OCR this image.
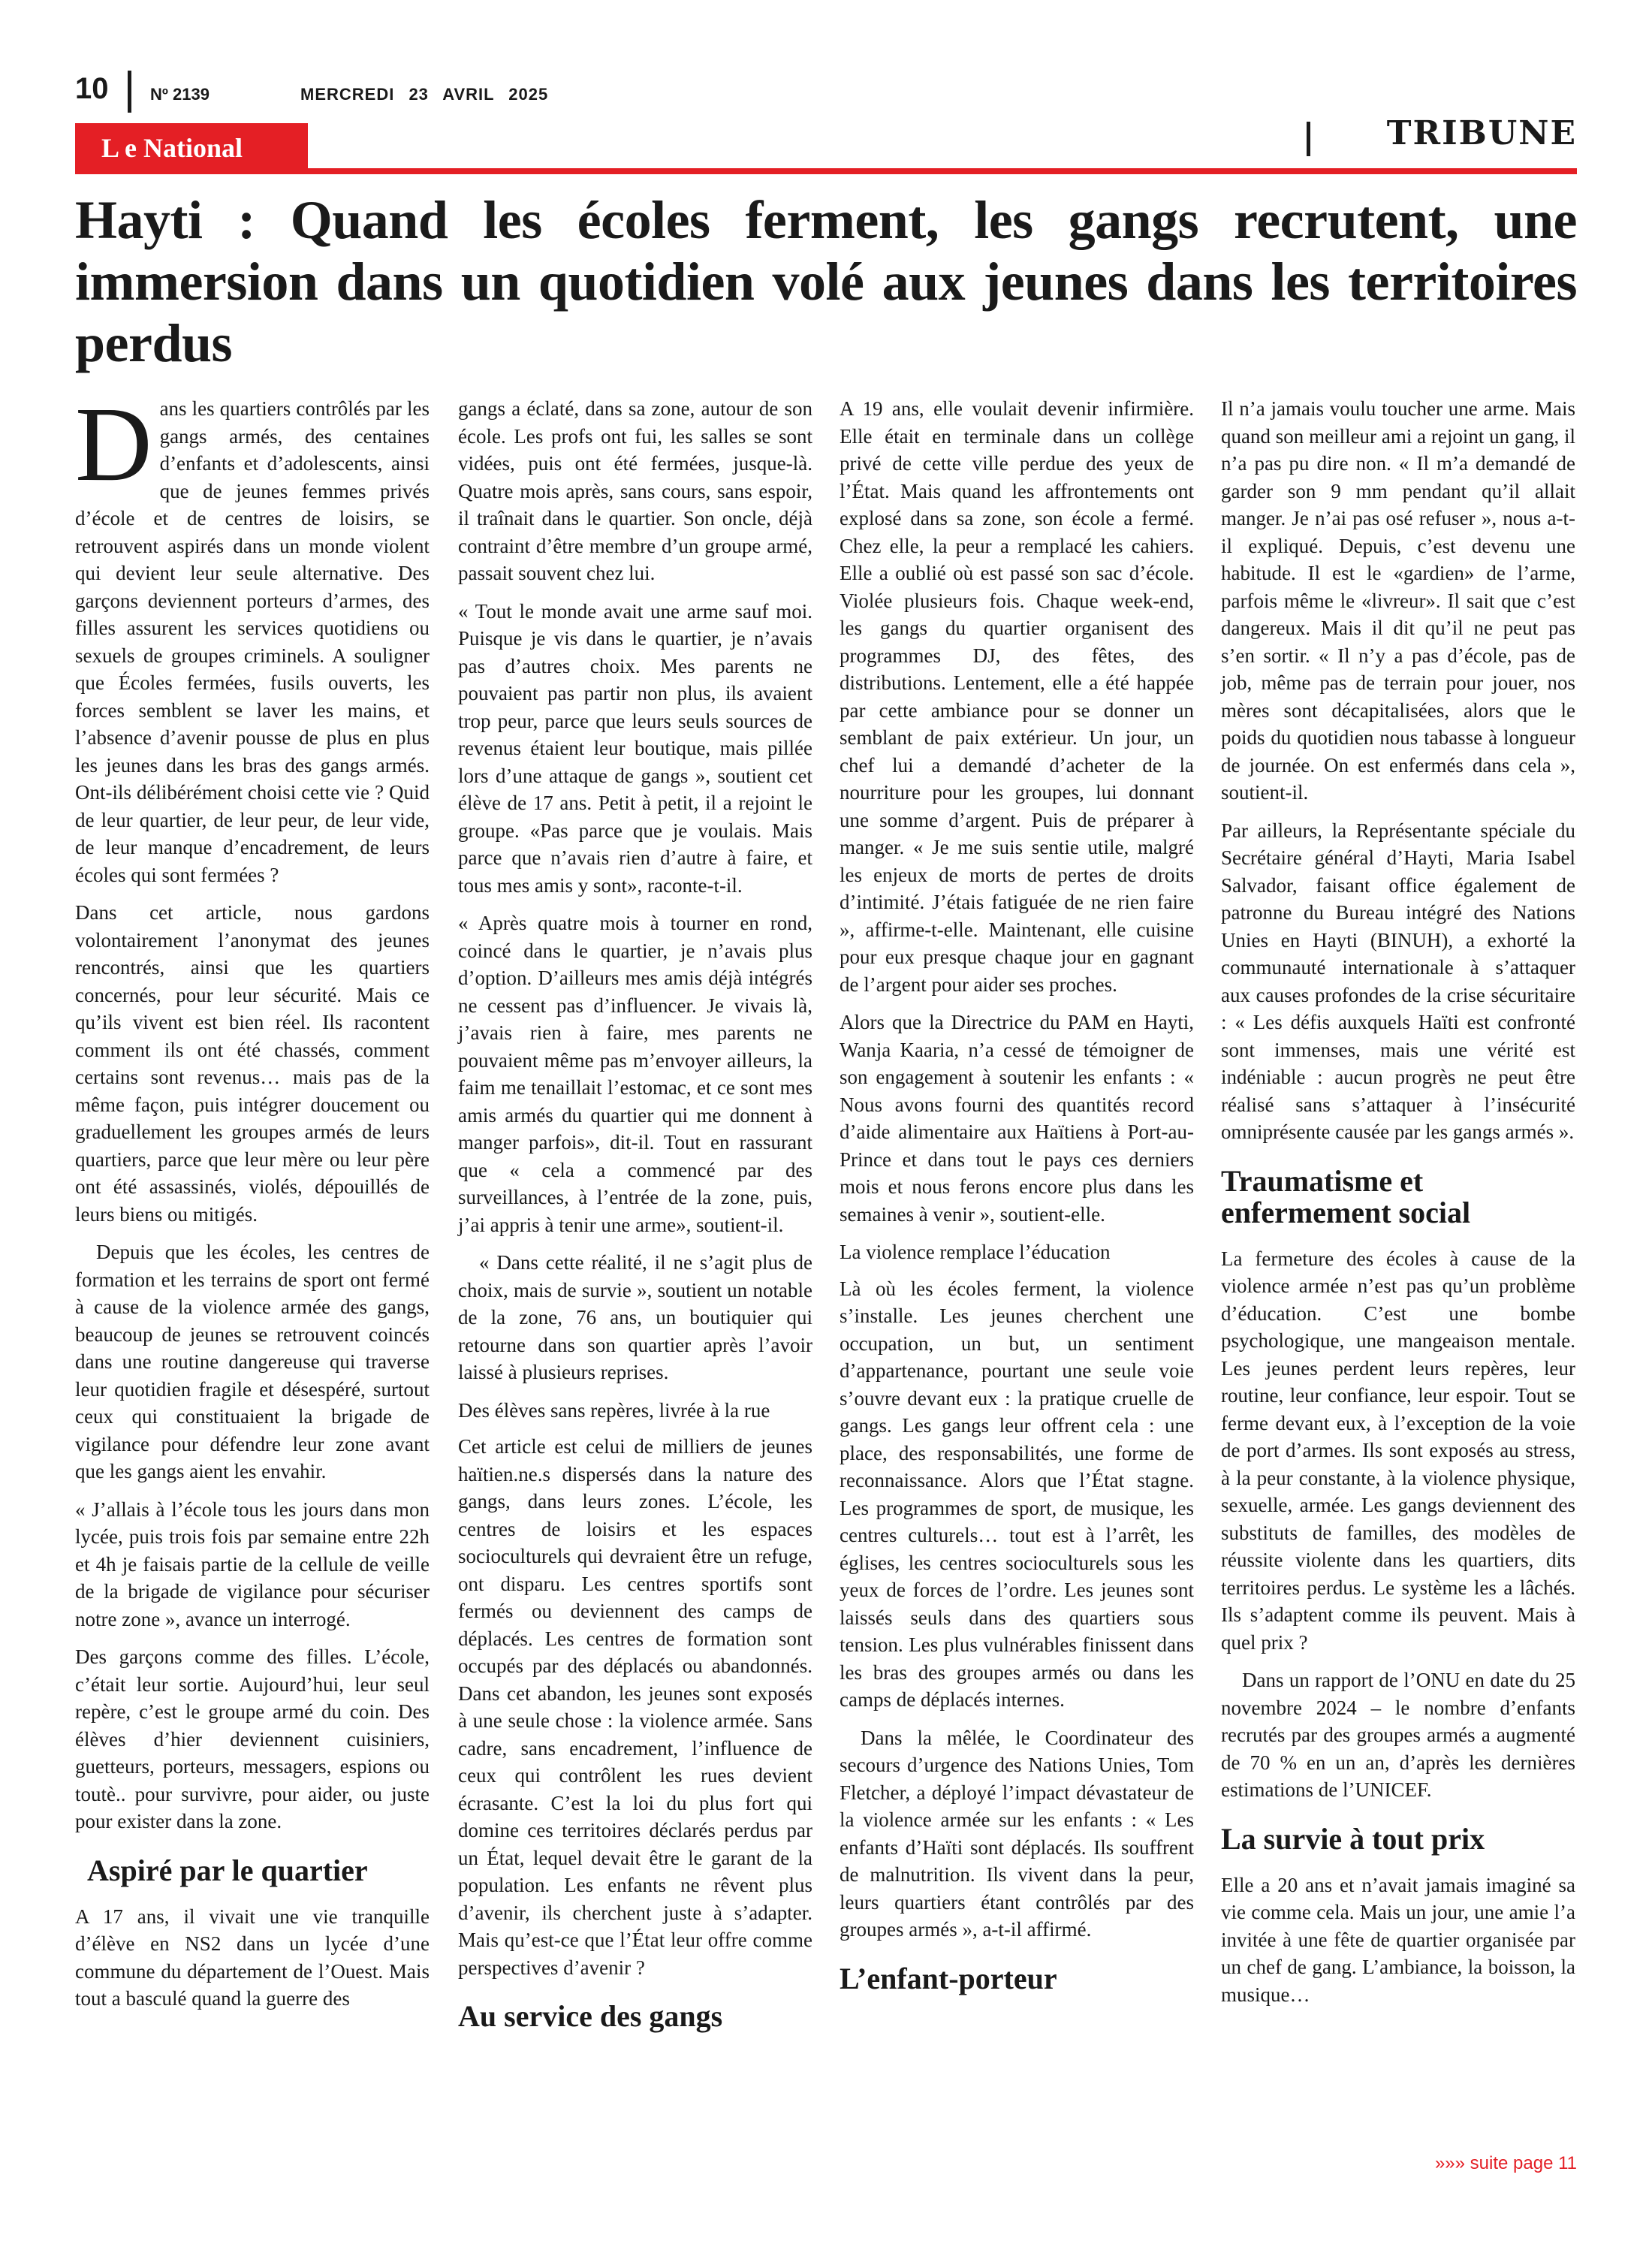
10	Nº 2139	MERCREDI 23 AVRIL 2025
L e National	TRIBUNE
Hayti : Quand les écoles ferment, les gangs recrutent, une immersion dans un quotidien volé aux jeunes dans les territoires perdus

Dans les quartiers contrôlés par les gangs armés, des centaines d’enfants et d’adolescents, ainsi que de jeunes femmes privés d’école et de centres de loisirs, se retrouvent aspirés dans un monde violent qui devient leur seule alternative. Des garçons deviennent porteurs d’armes, des filles assurent les services quotidiens ou sexuels de groupes criminels. A souligner que Écoles fermées, fusils ouverts, les forces semblent se laver les mains, et l’absence d’avenir pousse de plus en plus les jeunes dans les bras des gangs armés. Ont-ils délibérément choisi cette vie ? Quid de leur quartier, de leur peur, de leur vide, de leur manque d’encadrement, de leurs écoles qui sont fermées ?

Dans cet article, nous gardons volontairement l’anonymat des jeunes rencontrés, ainsi que les quartiers concernés, pour leur sécurité. Mais ce qu’ils vivent est bien réel. Ils racontent comment ils ont été chassés, comment certains sont revenus… mais pas de la même façon, puis intégrer doucement ou graduellement les groupes armés de leurs quartiers, parce que leur mère ou leur père ont été assassinés, violés, dépouillés de leurs biens ou mitigés.

Depuis que les écoles, les centres de formation et les terrains de sport ont fermé à cause de la violence armée des gangs, beaucoup de jeunes se retrouvent coincés dans une routine dangereuse qui traverse leur quotidien fragile et désespéré, surtout ceux qui constituaient la brigade de vigilance pour défendre leur zone avant que les gangs aient les envahir.

« J’allais à l’école tous les jours dans mon lycée, puis trois fois par semaine entre 22h et 4h je faisais partie de la cellule de veille de la brigade de vigilance pour sécuriser notre zone », avance un interrogé.

Des garçons comme des filles. L’école, c’était leur sortie. Aujourd’hui, leur seul repère, c’est le groupe armé du coin. Des élèves d’hier deviennent cuisiniers, guetteurs, porteurs, messagers, espions ou toutè.. pour survivre, pour aider, ou juste pour exister dans la zone.

Aspiré par le quartier

A 17 ans, il vivait une vie tranquille d’élève en NS2 dans un lycée d’une commune du département de l’Ouest. Mais tout a basculé quand la guerre des

gangs a éclaté, dans sa zone, autour de son école. Les profs ont fui, les salles se sont vidées, puis ont été fermées, jusque-là. Quatre mois après, sans cours, sans espoir, il traînait dans le quartier. Son oncle, déjà contraint d’être membre d’un groupe armé, passait souvent chez lui.

« Tout le monde avait une arme sauf moi. Puisque je vis dans le quartier, je n’avais pas d’autres choix. Mes parents ne pouvaient pas partir non plus, ils avaient trop peur, parce que leurs seuls sources de revenus étaient leur boutique, mais pillée lors d’une attaque de gangs », soutient cet élève de 17 ans. Petit à petit, il a rejoint le groupe. «Pas parce que je voulais. Mais parce que n’avais rien d’autre à faire, et tous mes amis y sont», raconte-t-il.

« Après quatre mois à tourner en rond, coincé dans le quartier, je n’avais plus d’option. D’ailleurs mes amis déjà intégrés ne cessent pas d’influencer. Je vivais là, j’avais rien à faire, mes parents ne pouvaient même pas m’envoyer ailleurs, la faim me tenaillait l’estomac, et ce sont mes amis armés du quartier qui me donnent à manger parfois», dit-il. Tout en rassurant que « cela a commencé par des surveillances, à l’entrée de la zone, puis, j’ai appris à tenir une arme», soutient-il.

« Dans cette réalité, il ne s’agit plus de choix, mais de survie », soutient un notable de la zone, 76 ans, un boutiquier qui retourne dans son quartier après l’avoir laissé à plusieurs reprises.

Des élèves sans repères, livrée à la rue

Cet article est celui de milliers de jeunes haïtien.ne.s dispersés dans la nature des gangs, dans leurs zones. L’école, les centres de loisirs et les espaces socioculturels qui devraient être un refuge, ont disparu. Les centres sportifs sont fermés ou deviennent des camps de déplacés. Les centres de formation sont occupés par des déplacés ou abandonnés. Dans cet abandon, les jeunes sont exposés à une seule chose : la violence armée. Sans cadre, sans encadrement, l’influence de ceux qui contrôlent les rues devient écrasante. C’est la loi du plus fort qui domine ces territoires déclarés perdus par un État, lequel devait être le garant de la population. Les enfants ne rêvent plus d’avenir, ils cherchent juste à s’adapter. Mais qu’est-ce que l’État leur offre comme perspectives d’avenir ?

Au service des gangs

A 19 ans, elle voulait devenir infirmière. Elle était en terminale dans un collège privé de cette ville perdue des yeux de l’État. Mais quand les affrontements ont explosé dans sa zone, son école a fermé. Chez elle, la peur a remplacé les cahiers. Elle a oublié où est passé son sac d’école. Violée plusieurs fois. Chaque week-end, les gangs du quartier organisent des programmes DJ, des fêtes, des distributions. Lentement, elle a été happée par cette ambiance pour se donner un semblant de paix extérieur. Un jour, un chef lui a demandé d’acheter de la nourriture pour les groupes, lui donnant une somme d’argent. Puis de préparer à manger. « Je me suis sentie utile, malgré les enjeux de morts de pertes de droits d’intimité. J’étais fatiguée de ne rien faire », affirme-t-elle. Maintenant, elle cuisine pour eux presque chaque jour en gagnant de l’argent pour aider ses proches.

Alors que la Directrice du PAM en Hayti, Wanja Kaaria, n’a cessé de témoigner de son engagement à soutenir les enfants : « Nous avons fourni des quantités record d’aide alimentaire aux Haïtiens à Port-au-Prince et dans tout le pays ces derniers mois et nous ferons encore plus dans les semaines à venir », soutient-elle.

La violence remplace l’éducation

Là où les écoles ferment, la violence s’installe. Les jeunes cherchent une occupation, un but, un sentiment d’appartenance, pourtant une seule voie s’ouvre devant eux : la pratique cruelle de gangs. Les gangs leur offrent cela : une place, des responsabilités, une forme de reconnaissance. Alors que l’État stagne. Les programmes de sport, de musique, les centres culturels… tout est à l’arrêt, les églises, les centres socioculturels sous les yeux de forces de l’ordre. Les jeunes sont laissés seuls dans des quartiers sous tension. Les plus vulnérables finissent dans les bras des groupes armés ou dans les camps de déplacés internes.

Dans la mêlée, le Coordinateur des secours d’urgence des Nations Unies, Tom Fletcher, a déployé l’impact dévastateur de la violence armée sur les enfants : « Les enfants d’Haïti sont déplacés. Ils souffrent de malnutrition. Ils vivent dans la peur, leurs quartiers étant contrôlés par des groupes armés », a-t-il affirmé.

L’enfant-porteur

Il n’a jamais voulu toucher une arme. Mais quand son meilleur ami a rejoint un gang, il n’a pas pu dire non. « Il m’a demandé de garder son 9 mm pendant qu’il allait manger. Je n’ai pas osé refuser », nous a-t-il expliqué. Depuis, c’est devenu une habitude. Il est le «gardien» de l’arme, parfois même le «livreur». Il sait que c’est dangereux. Mais il dit qu’il ne peut pas s’en sortir. « Il n’y a pas d’école, pas de job, même pas de terrain pour jouer, nos mères sont décapitalisées, alors que le poids du quotidien nous tabasse à longueur de journée. On est enfermés dans cela », soutient-il.

Par ailleurs, la Représentante spéciale du Secrétaire général d’Hayti, Maria Isabel Salvador, faisant office également de patronne du Bureau intégré des Nations Unies en Hayti (BINUH), a exhorté la communauté internationale à s’attaquer aux causes profondes de la crise sécuritaire : « Les défis auxquels Haïti est confronté sont immenses, mais une vérité est indéniable : aucun progrès ne peut être réalisé sans s’attaquer à l’insécurité omniprésente causée par les gangs armés ».

Traumatisme et enfermement social

La fermeture des écoles à cause de la violence armée n’est pas qu’un problème d’éducation. C’est une bombe psychologique, une mangeaison mentale. Les jeunes perdent leurs repères, leur routine, leur confiance, leur espoir. Tout se ferme devant eux, à l’exception de la voie de port d’armes. Ils sont exposés au stress, à la peur constante, à la violence physique, sexuelle, armée. Les gangs deviennent des substituts de familles, des modèles de réussite violente dans les quartiers, dits territoires perdus. Le système les a lâchés. Ils s’adaptent comme ils peuvent. Mais à quel prix ?

Dans un rapport de l’ONU en date du 25 novembre 2024 – le nombre d’enfants recrutés par des groupes armés a augmenté de 70 % en un an, d’après les dernières estimations de l’UNICEF.

La survie à tout prix

Elle a 20 ans et n’avait jamais imaginé sa vie comme cela. Mais un jour, une amie l’a invitée à une fête de quartier organisée par un chef de gang. L’ambiance, la boisson, la musique…

»»» suite page 11
